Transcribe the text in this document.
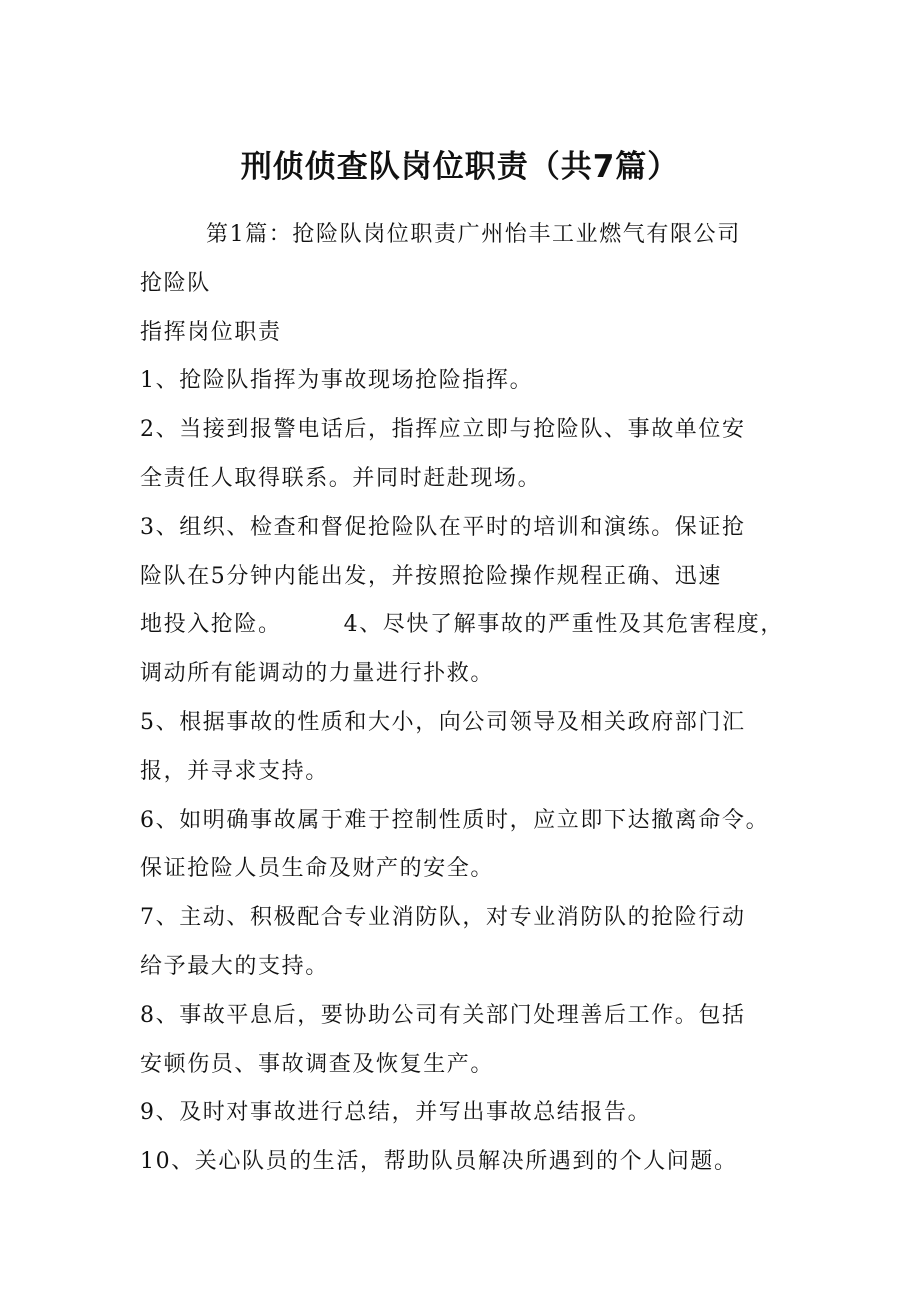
刑侦侦查队岗位职责（共7篇）
第1篇：抢险队岗位职责广州怡丰工业燃气有限公司
抢险队
指挥岗位职责
1、抢险队指挥为事故现场抢险指挥。
2、当接到报警电话后，指挥应立即与抢险队、事故单位安
全责任人取得联系。并同时赶赴现场。
3、组织、检查和督促抢险队在平时的培训和演练。保证抢
险队在5分钟内能出发，并按照抢险操作规程正确、迅速
地投入抢险。	4、尽快了解事故的严重性及其危害程度，
调动所有能调动的力量进行扑救。
5、根据事故的性质和大小，向公司领导及相关政府部门汇
报，并寻求支持。
6、如明确事故属于难于控制性质时，应立即下达撤离命令。
保证抢险人员生命及财产的安全。
7、主动、积极配合专业消防队，对专业消防队的抢险行动
给予最大的支持。
8、事故平息后，要协助公司有关部门处理善后工作。包括
安顿伤员、事故调查及恢复生产。
9、及时对事故进行总结，并写出事故总结报告。
10、关心队员的生活，帮助队员解决所遇到的个人问题。
